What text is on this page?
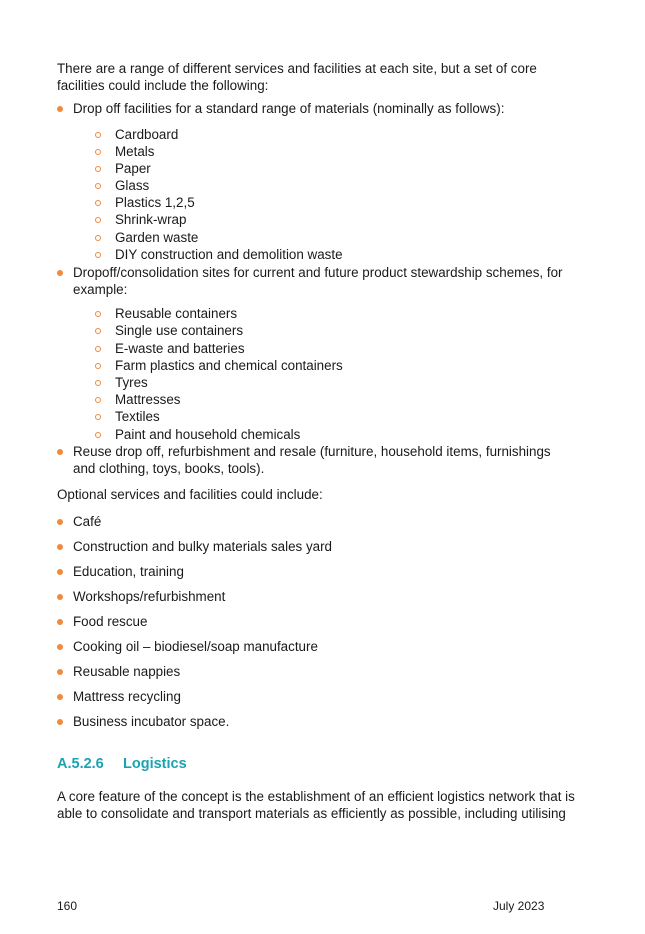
There are a range of different services and facilities at each site, but a set of core facilities could include the following:
Drop off facilities for a standard range of materials (nominally as follows):
Cardboard
Metals
Paper
Glass
Plastics 1,2,5
Shrink-wrap
Garden waste
DIY construction and demolition waste
Dropoff/consolidation sites for current and future product stewardship schemes, for example:
Reusable containers
Single use containers
E-waste and batteries
Farm plastics and chemical containers
Tyres
Mattresses
Textiles
Paint and household chemicals
Reuse drop off, refurbishment and resale (furniture, household items, furnishings and clothing, toys, books, tools).
Optional services and facilities could include:
Café
Construction and bulky materials sales yard
Education, training
Workshops/refurbishment
Food rescue
Cooking oil – biodiesel/soap manufacture
Reusable nappies
Mattress recycling
Business incubator space.
A.5.2.6 Logistics
A core feature of the concept is the establishment of an efficient logistics network that is able to consolidate and transport materials as efficiently as possible, including utilising
160	July 2023
